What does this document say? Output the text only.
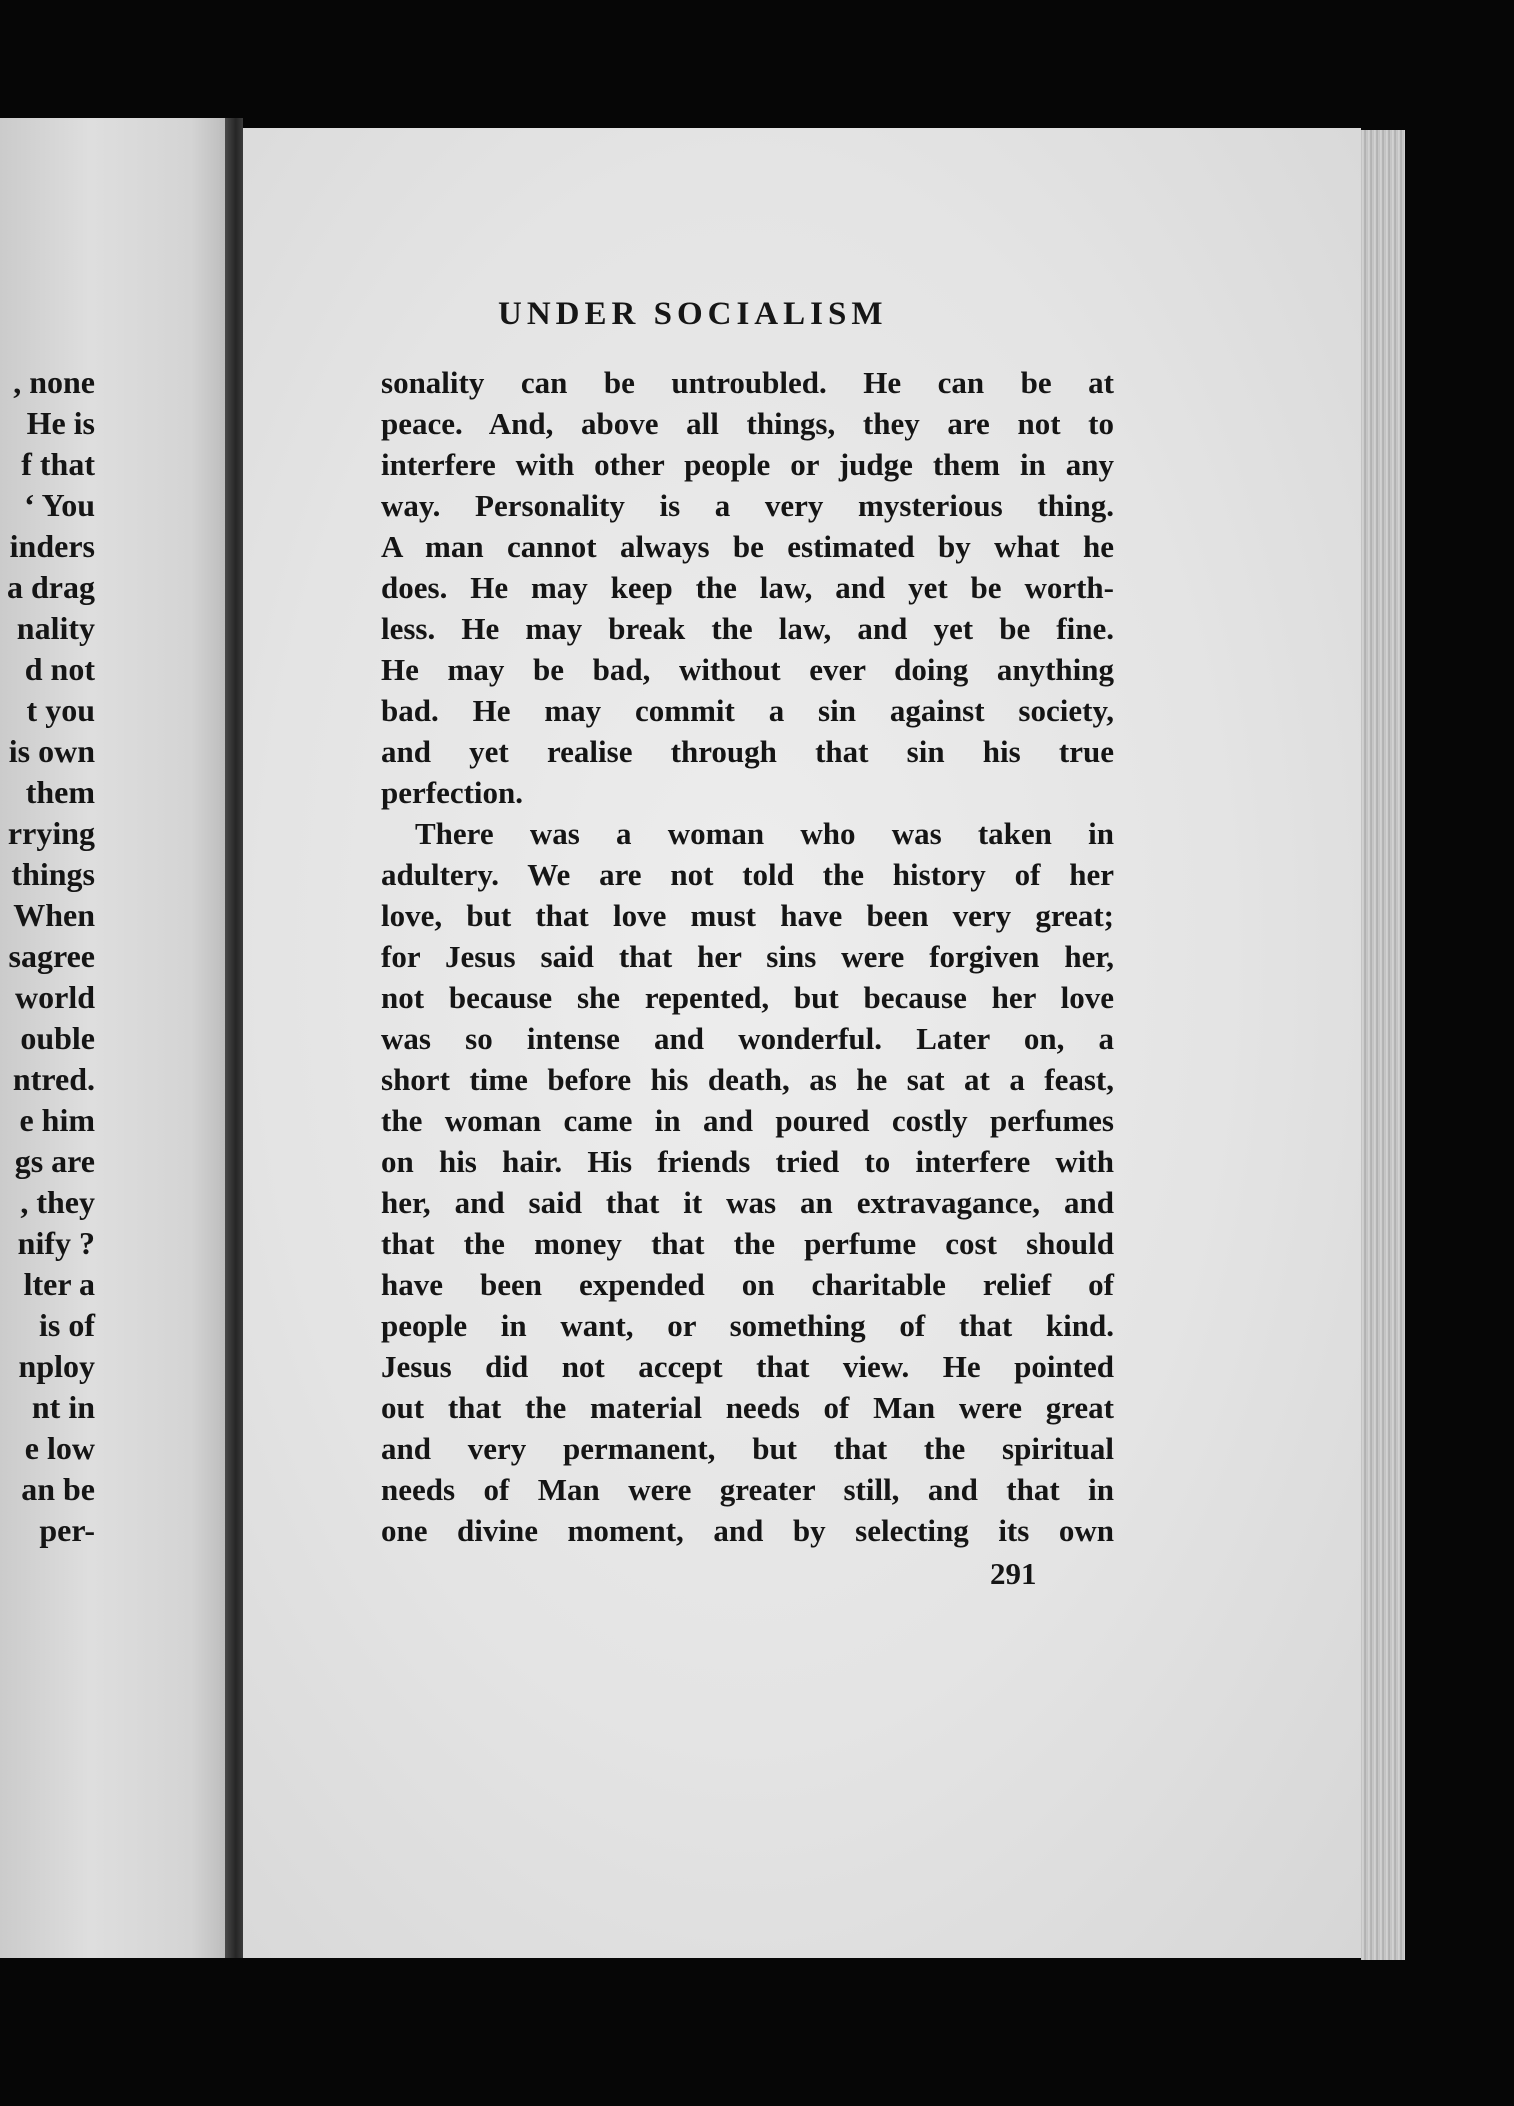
, none
He is
f that
‘ You
inders
a drag
nality
d not
t you
is own
them
rrying
things
When
sagree
world
ouble
ntred.
e him
gs are
, they
nify ?
lter a
is of
nploy
nt in
e low
an be
per-
UNDER SOCIALISM
sonality can be untroubled. He can be at
peace. And, above all things, they are not to
interfere with other people or judge them in any
way. Personality is a very mysterious thing.
A man cannot always be estimated by what he
does. He may keep the law, and yet be worth-
less. He may break the law, and yet be fine.
He may be bad, without ever doing anything
bad. He may commit a sin against society,
and yet realise through that sin his true
perfection.
There was a woman who was taken in
adultery. We are not told the history of her
love, but that love must have been very great;
for Jesus said that her sins were forgiven her,
not because she repented, but because her love
was so intense and wonderful. Later on, a
short time before his death, as he sat at a feast,
the woman came in and poured costly perfumes
on his hair. His friends tried to interfere with
her, and said that it was an extravagance, and
that the money that the perfume cost should
have been expended on charitable relief of
people in want, or something of that kind.
Jesus did not accept that view. He pointed
out that the material needs of Man were great
and very permanent, but that the spiritual
needs of Man were greater still, and that in
one divine moment, and by selecting its own
291
